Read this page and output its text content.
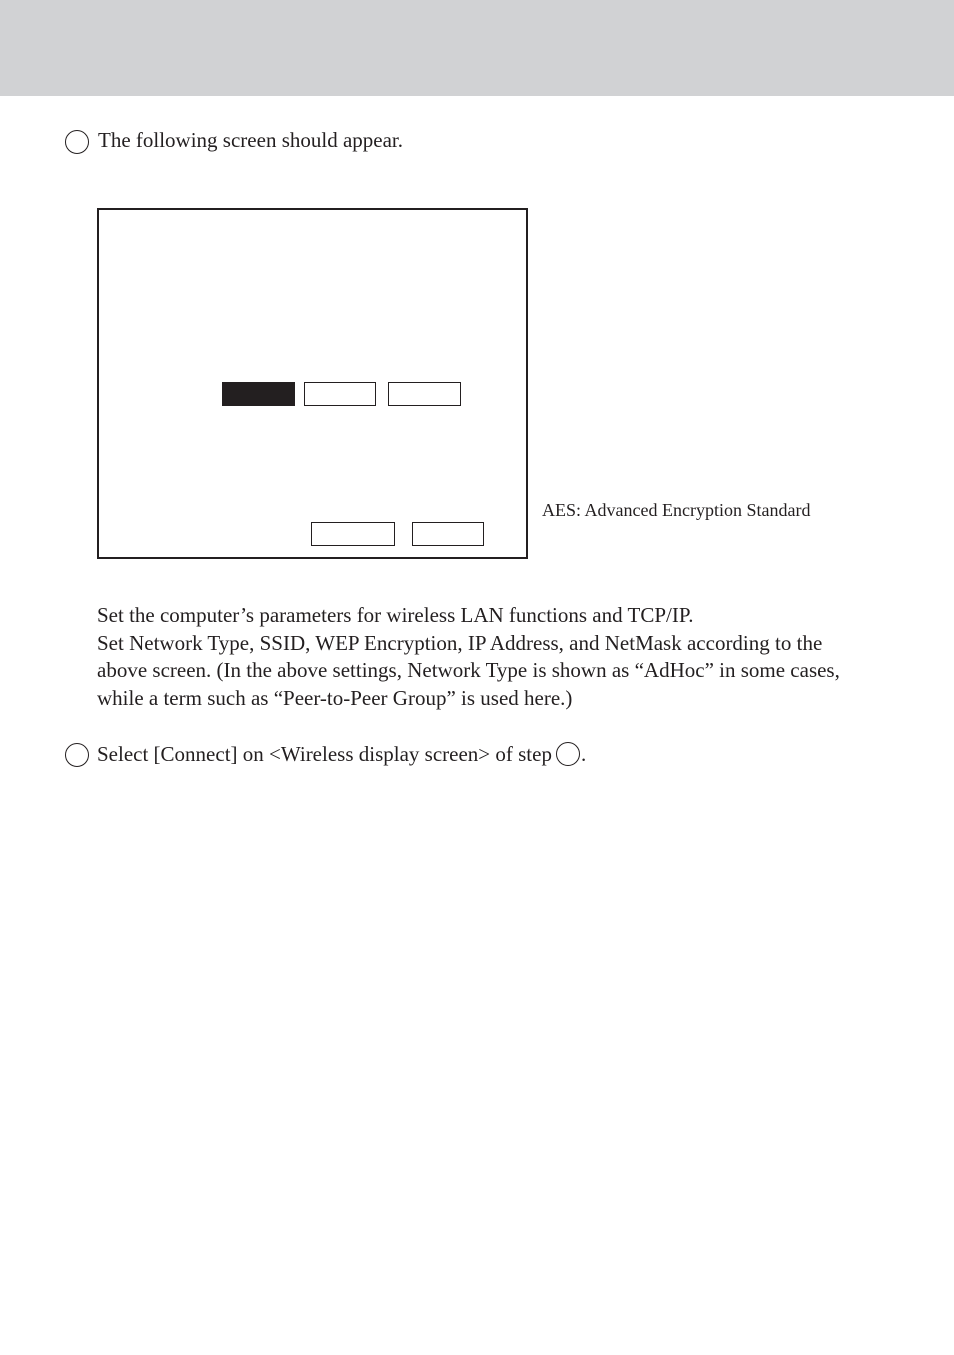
The following screen should appear.
AES: Advanced Encryption Standard
Set the computer’s parameters for wireless LAN functions and TCP/IP.
Set Network Type, SSID, WEP Encryption, IP Address, and NetMask according to the
above screen. (In the above settings, Network Type is shown as “AdHoc” in some cases,
while a term such as “Peer-to-Peer Group” is used here.)
Select [Connect] on <Wireless display screen> of step .
